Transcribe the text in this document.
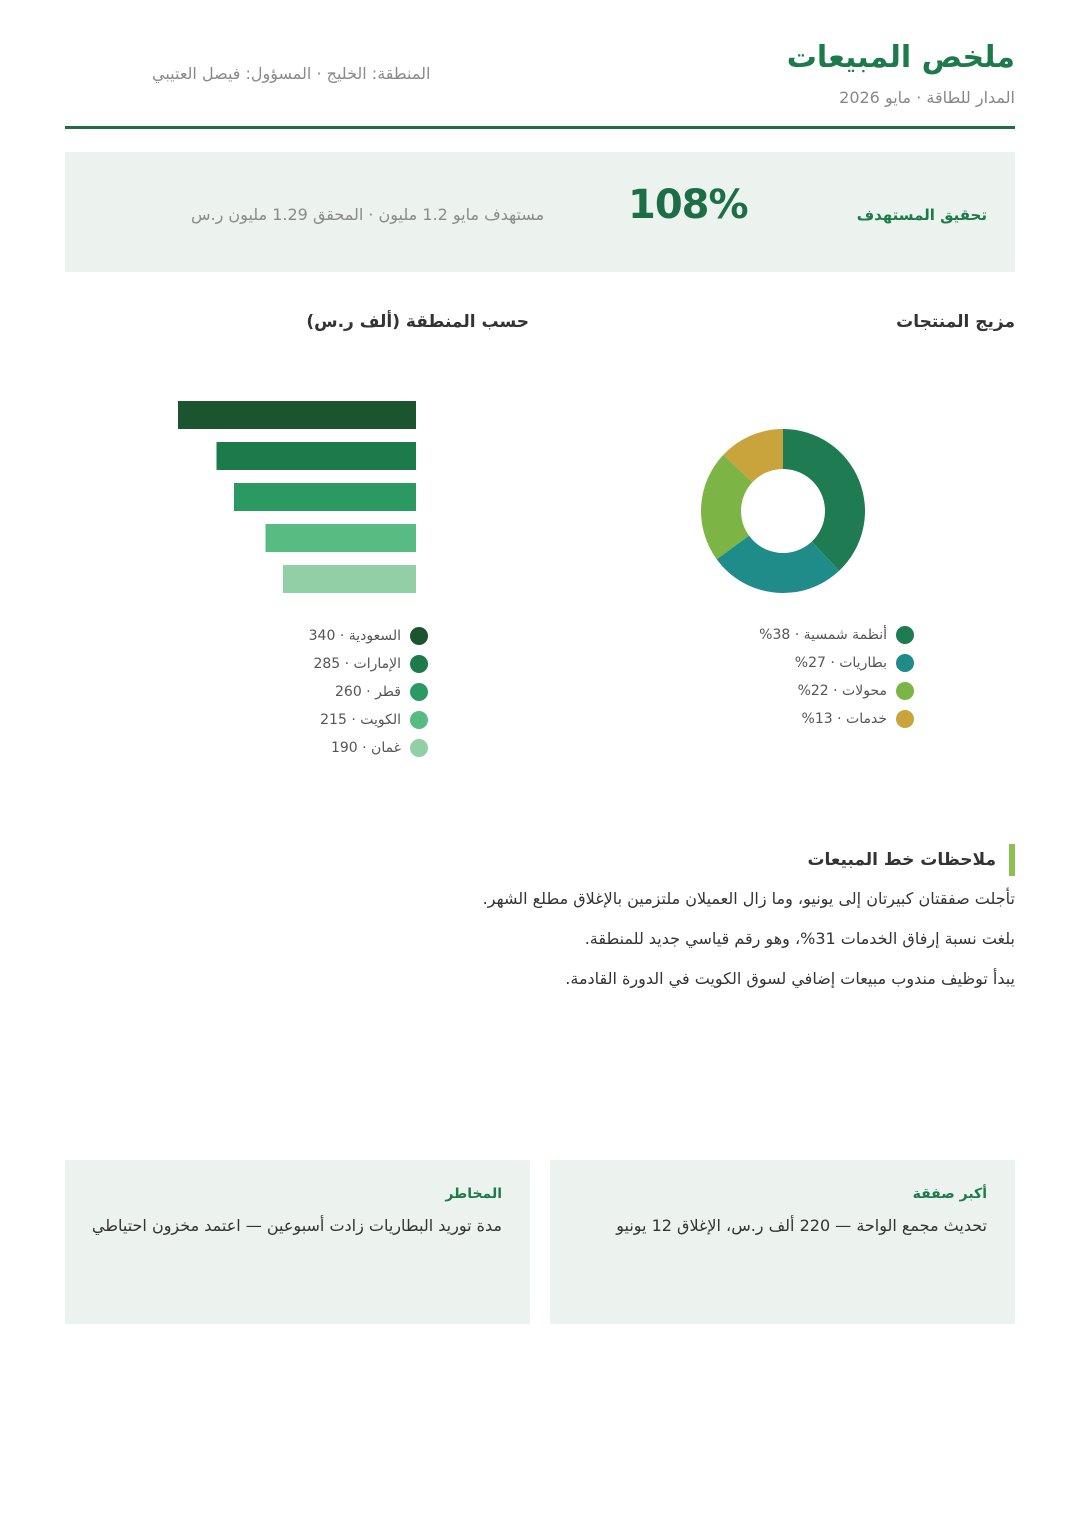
ملخص المبيعات
المدار للطاقة · مايو 2026
المنطقة: الخليج · المسؤول: فيصل العتيبي
تحقيق المستهدف
108%
مستهدف مايو 1.2 مليون · المحقق 1.29 مليون ر.س
مزيج المنتجات
حسب المنطقة (ألف ر.س)
أنظمة شمسية · 38%
بطاريات · 27%
محولات · 22%
خدمات · 13%
السعودية · 340
الإمارات · 285
قطر · 260
الكويت · 215
غمان · 190
ملاحظات خط المبيعات
تأجلت صفقتان كبيرتان إلى يونيو، وما زال العميلان ملتزمين بالإغلاق مطلع الشهر.
بلغت نسبة إرفاق الخدمات 31%، وهو رقم قياسي جديد للمنطقة.
يبدأ توظيف مندوب مبيعات إضافي لسوق الكويت في الدورة القادمة.
أكبر صفقة
تحديث مجمع الواحة — 220 ألف ر.س، الإغلاق 12 يونيو
المخاطر
مدة توريد البطاريات زادت أسبوعين — اعتمد مخزون احتياطي
